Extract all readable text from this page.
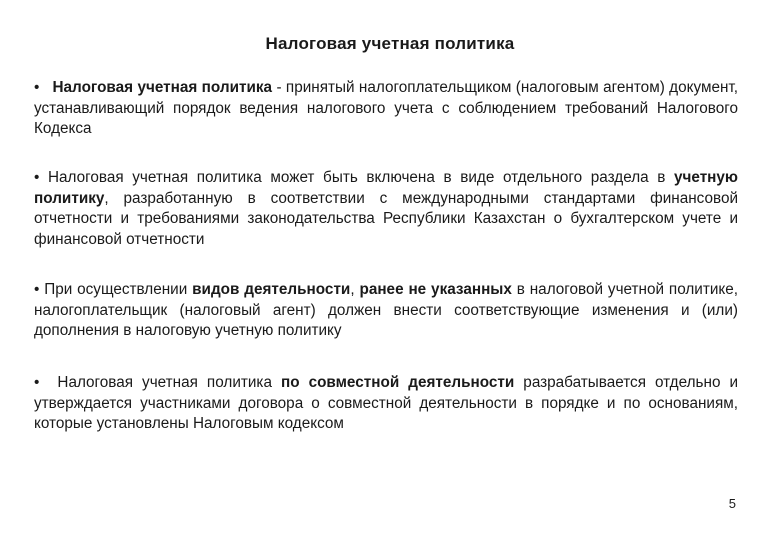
Налоговая учетная политика
• Налоговая учетная политика - принятый налогоплательщиком (налоговым агентом) документ, устанавливающий порядок ведения налогового учета с соблюдением требований Налогового Кодекса
• Налоговая учетная политика может быть включена в виде отдельного раздела в учетную политику, разработанную в соответствии с международными стандартами финансовой отчетности и требованиями законодательства Республики Казахстан о бухгалтерском учете и финансовой отчетности
• При осуществлении видов деятельности, ранее не указанных в налоговой учетной политике, налогоплательщик (налоговый агент) должен внести соответствующие изменения и (или) дополнения в налоговую учетную политику
• Налоговая учетная политика по совместной деятельности разрабатывается отдельно и утверждается участниками договора о совместной деятельности в порядке и по основаниям, которые установлены Налоговым кодексом
5
